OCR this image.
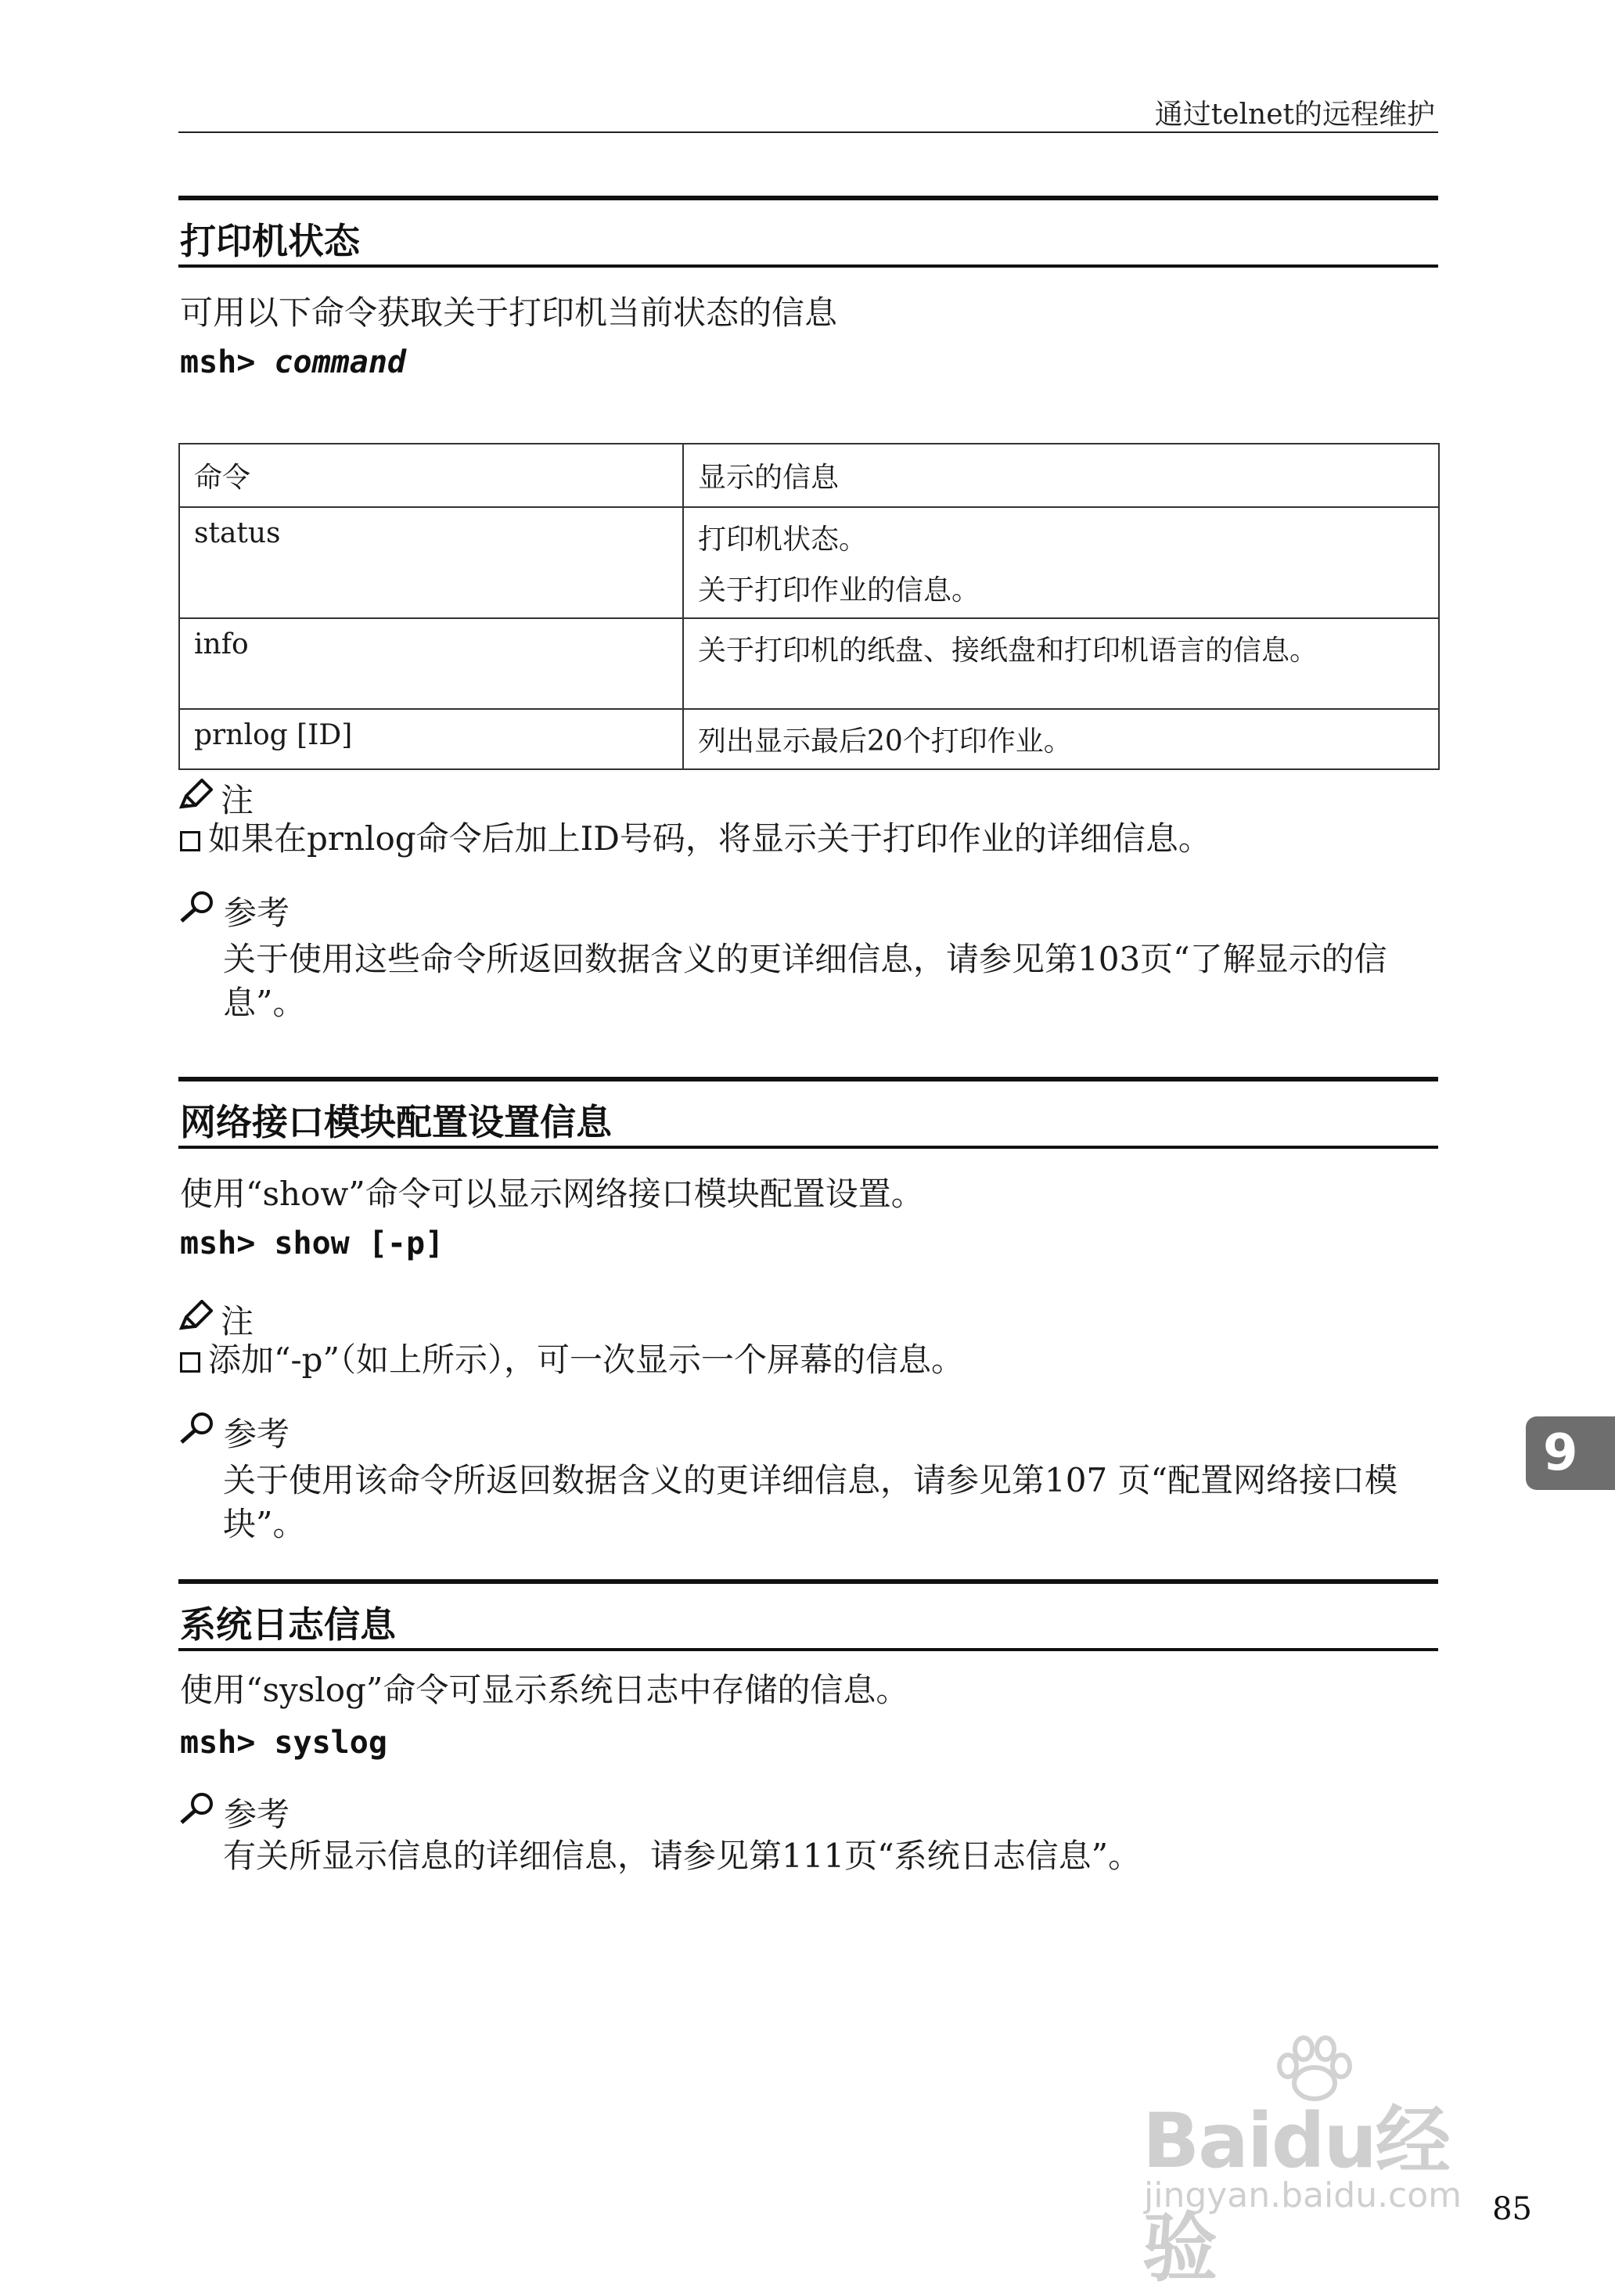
通过telnet的远程维护
打印机状态
可用以下命令获取关于打印机当前状态的信息
msh> command
命令	显示的信息
status	打印机状态。
关于打印作业的信息。

info	关于打印机的纸盘、接纸盘和打印机语言的信息。
prnlog [ID]	列出显示最后20个打印作业。
注
如果在prnlog命令后加上ID号码，将显示关于打印作业的详细信息。
参考
关于使用这些命令所返回数据含义的更详细信息，请参见第103页“了解显示的信息”。
网络接口模块配置设置信息
使用“show”命令可以显示网络接口模块配置设置。
msh> show [-p]
注
添加“-p”（如上所示），可一次显示一个屏幕的信息。
参考
关于使用该命令所返回数据含义的更详细信息，请参见第107 页“配置网络接口模块”。
系统日志信息
使用“syslog”命令可显示系统日志中存储的信息。
msh> syslog
参考
有关所显示信息的详细信息，请参见第111页“系统日志信息”。
9
Baidu经验
jingyan.baidu.com 85
